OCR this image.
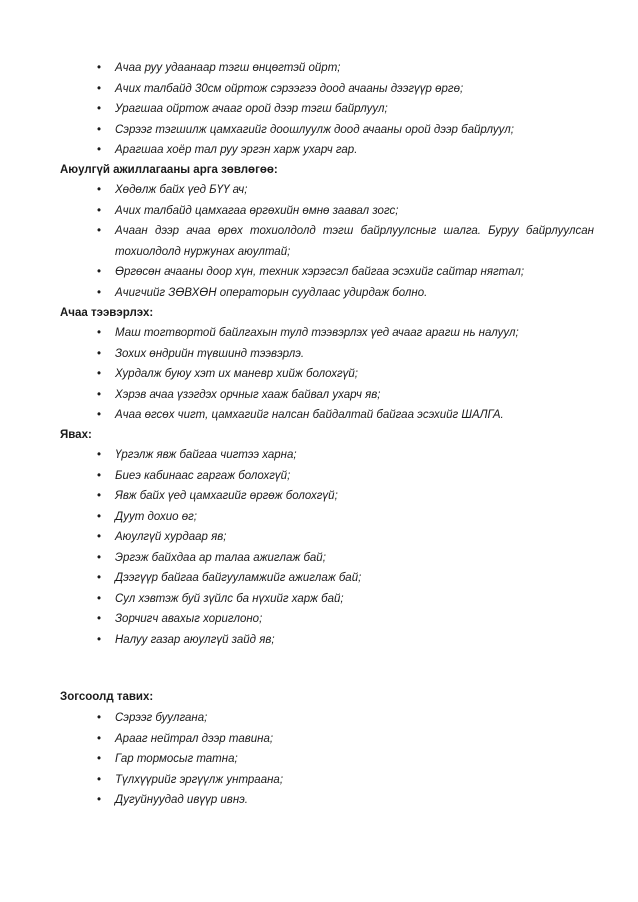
• Ачаа руу удаанаар тэгш өнцөгтэй ойрт;
• Ачих талбайд 30см ойртож сэрээгээ доод ачааны дээгүүр өргө;
• Урагшаа ойртож ачааг орой дээр тэгш байрлуул;
• Сэрээг тэгшилж цамхагийг доошлуулж доод ачааны орой дээр байрлуул;
• Арагшаа хоёр тал руу эргэн харж ухарч гар.
Аюулгүй ажиллагааны арга зөвлөгөө:
• Хөдөлж байх үед БҮҮ ач;
• Ачих талбайд цамхагаа өргөхийн өмнө заавал зогс;
• Ачаан дээр ачаа өрөх тохиолдолд тэгш байрлуулсныг шалга. Буруу байрлуулсан тохиолдолд нуржунах аюултай;
• Өргөсөн ачааны доор хүн, техник хэрэгсэл байгаа эсэхийг сайтар нягтал;
• Ачигчийг ЗӨВХӨН операторын суудлаас удирдаж болно.
Ачаа тээвэрлэх:
• Маш тогтвортой байлгахын тулд тээвэрлэх үед ачааг арагш нь налуул;
• Зохих өндрийн түвшинд тээвэрлэ.
• Хурдалж буюу хэт их маневр хийж болохгүй;
• Хэрэв ачаа үзэгдэх орчныг хааж байвал ухарч яв;
• Ачаа өгсөх чигт, цамхагийг налсан байдалтай байгаа эсэхийг ШАЛГА.
Явах:
• Үргэлж явж байгаа чигтээ харна;
• Биеэ кабинаас гаргаж болохгүй;
• Явж байх үед цамхагийг өргөж болохгүй;
• Дуут дохио өг;
• Аюулгүй хурдаар яв;
• Эргэж байхдаа ар талаа ажиглаж бай;
• Дээгүүр байгаа байгууламжийг ажиглаж бай;
• Сул хэвтэж буй зүйлс ба нүхийг харж бай;
• Зорчигч авахыг хориглоно;
• Налуу газар аюулгүй зайд яв;
Зогсоолд тавих:
• Сэрээг буулгана;
• Арааг нейтрал дээр тавина;
• Гар тормосыг татна;
• Түлхүүрийг эргүүлж унтраана;
• Дугуйнуудад ивүүр ивнэ.
